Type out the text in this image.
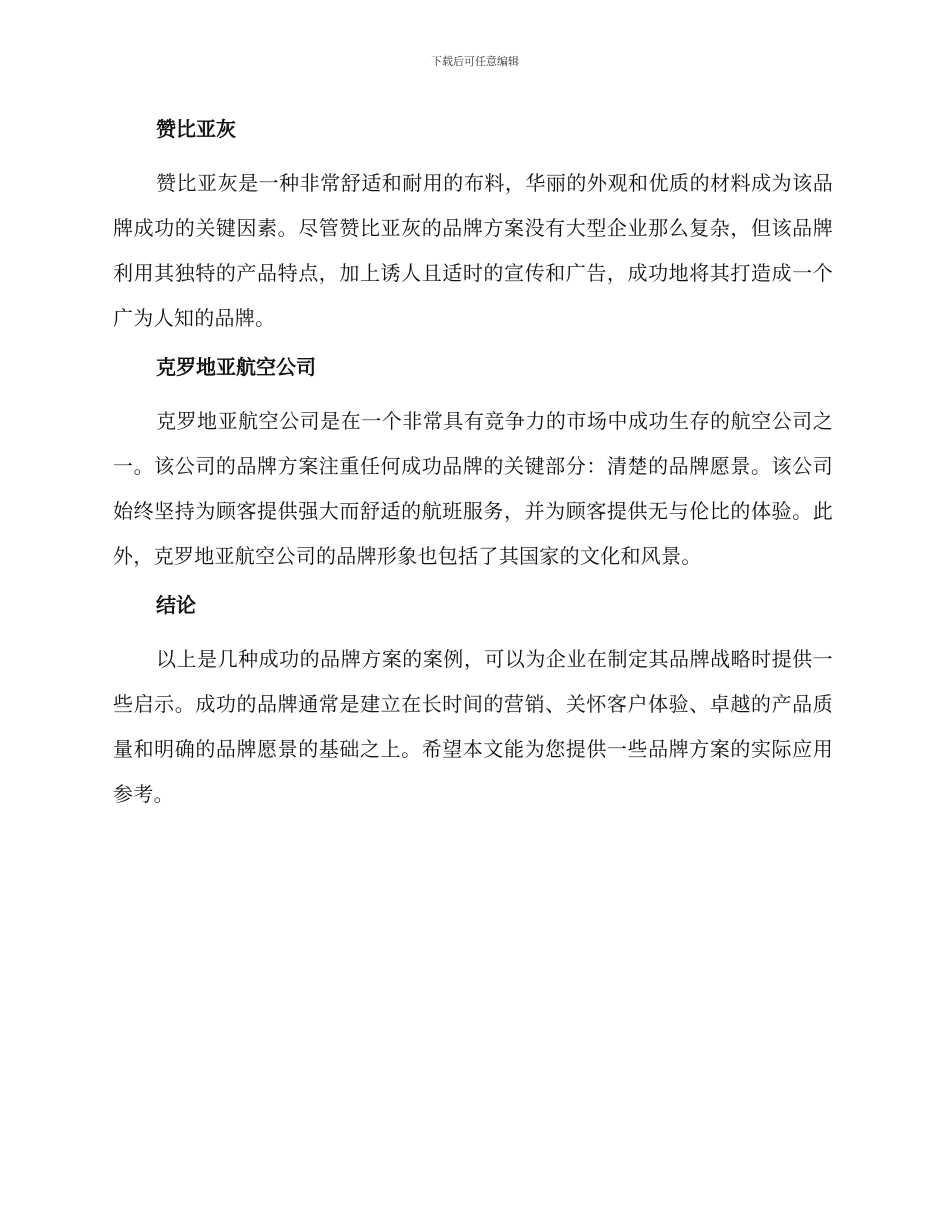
下载后可任意编辑
赞比亚灰
赞比亚灰是一种非常舒适和耐用的布料，华丽的外观和优质的材料成为该品牌成功的关键因素。尽管赞比亚灰的品牌方案没有大型企业那么复杂，但该品牌利用其独特的产品特点，加上诱人且适时的宣传和广告，成功地将其打造成一个广为人知的品牌。
克罗地亚航空公司
克罗地亚航空公司是在一个非常具有竞争力的市场中成功生存的航空公司之一。该公司的品牌方案注重任何成功品牌的关键部分：清楚的品牌愿景。该公司始终坚持为顾客提供强大而舒适的航班服务，并为顾客提供无与伦比的体验。此外，克罗地亚航空公司的品牌形象也包括了其国家的文化和风景。
结论
以上是几种成功的品牌方案的案例，可以为企业在制定其品牌战略时提供一些启示。成功的品牌通常是建立在长时间的营销、关怀客户体验、卓越的产品质量和明确的品牌愿景的基础之上。希望本文能为您提供一些品牌方案的实际应用参考。
